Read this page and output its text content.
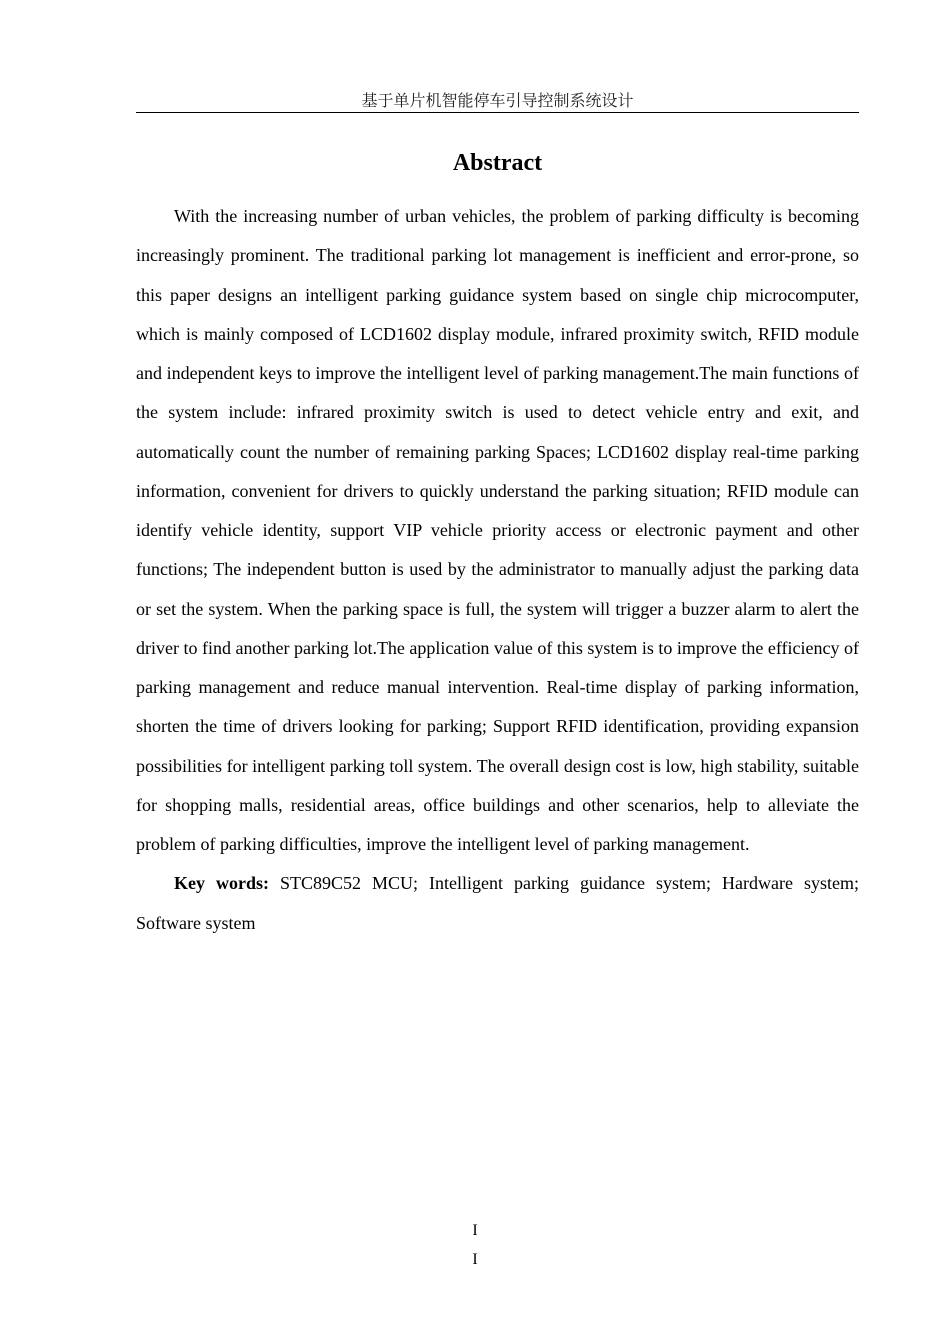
基于单片机智能停车引导控制系统设计
Abstract

With the increasing number of urban vehicles, the problem of parking difficulty is becoming increasingly prominent. The traditional parking lot management is inefficient and error-prone, so this paper designs an intelligent parking guidance system based on single chip microcomputer, which is mainly composed of LCD1602 display module, infrared proximity switch, RFID module and independent keys to improve the intelligent level of parking management.The main functions of the system include: infrared proximity switch is used to detect vehicle entry and exit, and automatically count the number of remaining parking Spaces; LCD1602 display real-time parking information, convenient for drivers to quickly understand the parking situation; RFID module can identify vehicle identity, support VIP vehicle priority access or electronic payment and other functions; The independent button is used by the administrator to manually adjust the parking data or set the system. When the parking space is full, the system will trigger a buzzer alarm to alert the driver to find another parking lot.The application value of this system is to improve the efficiency of parking management and reduce manual intervention. Real-time display of parking information, shorten the time of drivers looking for parking; Support RFID identification, providing expansion possibilities for intelligent parking toll system. The overall design cost is low, high stability, suitable for shopping malls, residential areas, office buildings and other scenarios, help to alleviate the problem of parking difficulties, improve the intelligent level of parking management.

Key words: STC89C52 MCU; Intelligent parking guidance system; Hardware system; Software system

I
I
